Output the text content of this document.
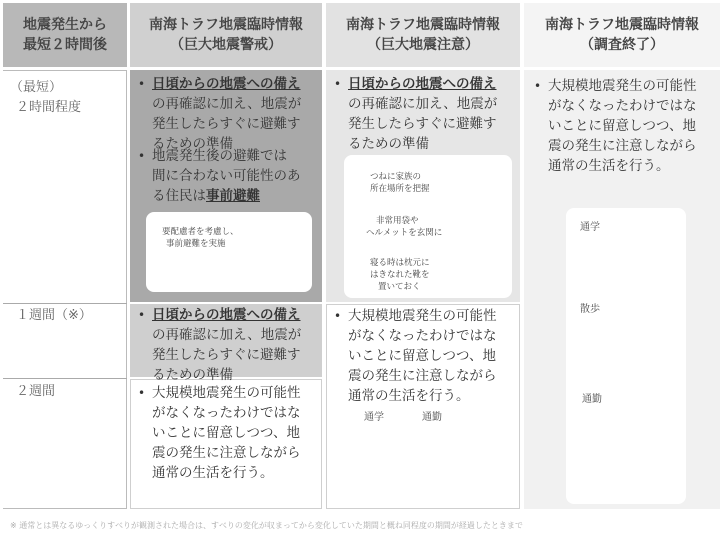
地震発生から
最短２時間後
南海トラフ地震臨時情報
（巨大地震警戒）
南海トラフ地震臨時情報
（巨大地震注意）
南海トラフ地震臨時情報
（調査終了）
（最短）
２時間程度
１週間（※）
２週間
• 日頃からの地震への備え
の再確認に加え、地震が
発生したらすぐに避難す
るための準備
• 地震発生後の避難では
間に合わない可能性のあ
る住民は事前避難
要配慮者を考慮し、
事前避難を実施
• 日頃からの地震への備え
の再確認に加え、地震が
発生したらすぐに避難す
るための準備
• 大規模地震発生の可能性
がなくなったわけではな
いことに留意しつつ、地
震の発生に注意しながら
通常の生活を行う。
• 日頃からの地震への備え
の再確認に加え、地震が
発生したらすぐに避難す
るための準備
つねに家族の
所在場所を把握
非常用袋や
ヘルメットを玄関に
寝る時は枕元に
はきなれた靴を
置いておく
• 大規模地震発生の可能性
がなくなったわけではな
いことに留意しつつ、地
震の発生に注意しながら
通常の生活を行う。
通学	通勤
• 大規模地震発生の可能性
がなくなったわけではな
いことに留意しつつ、地
震の発生に注意しながら
通常の生活を行う。
通学
散歩
通勤
※ 通常とは異なるゆっくりすべりが観測された場合は、すべりの変化が収まってから変化していた期間と概ね同程度の期間が経過したときまで
